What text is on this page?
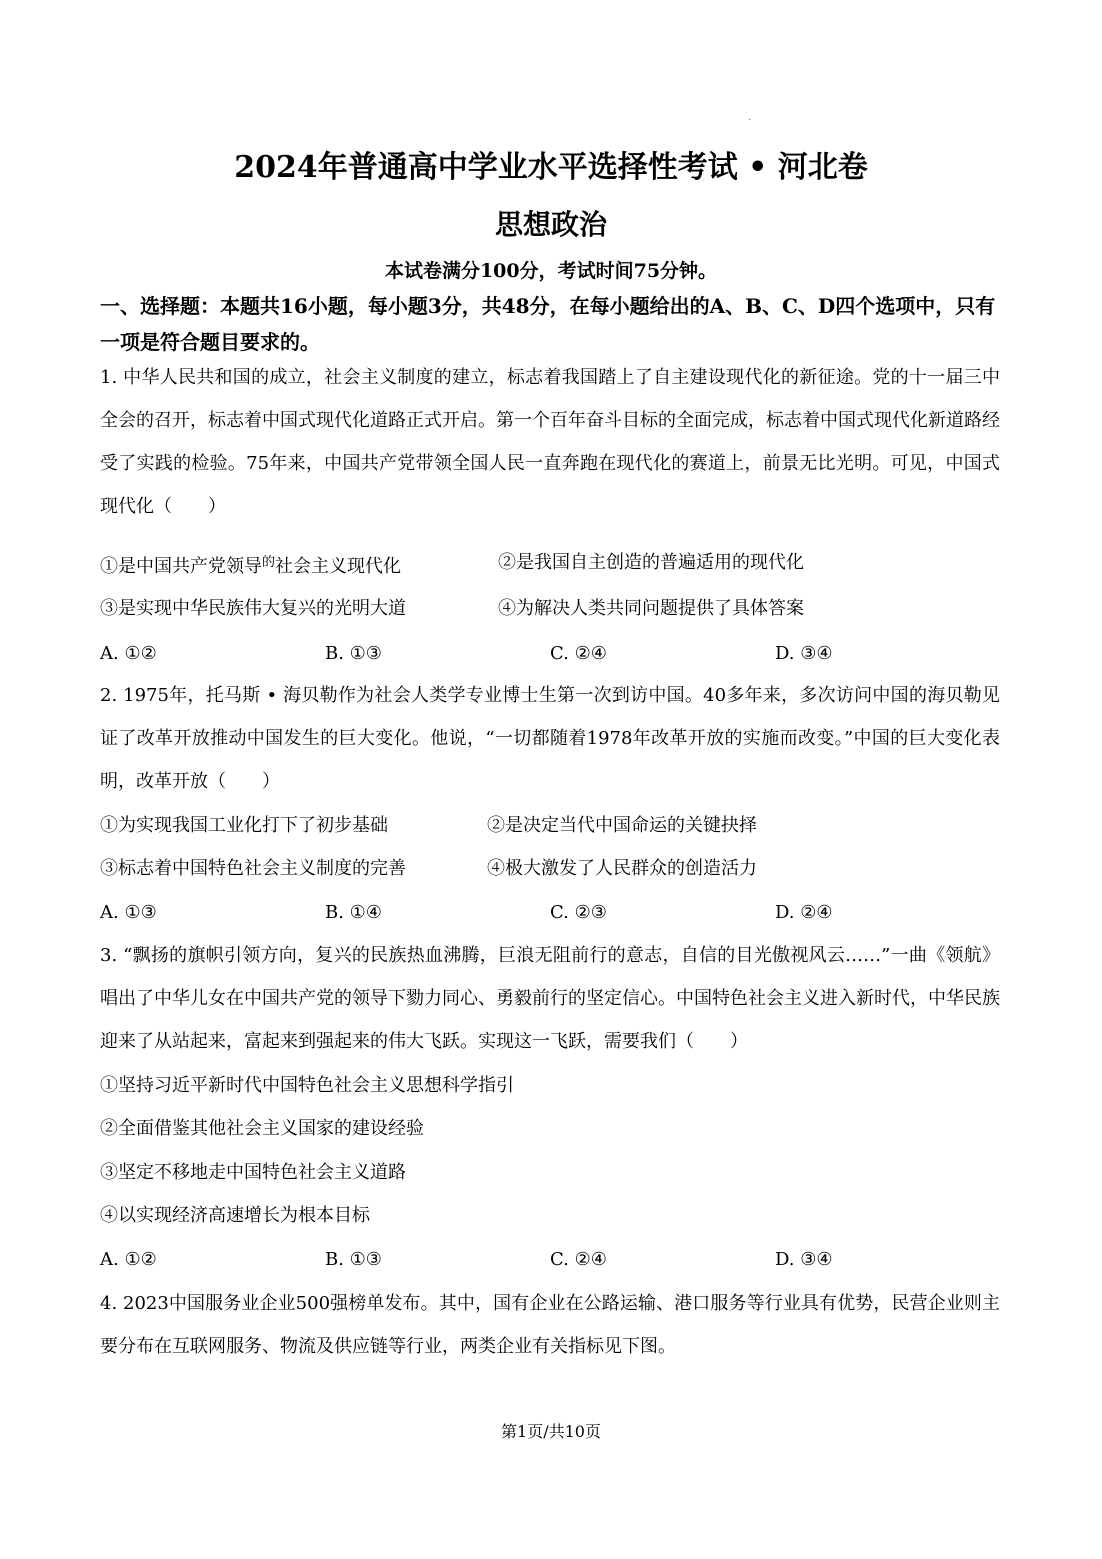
.
2024年普通高中学业水平选择性考试 • 河北卷
思想政治
本试卷满分100分，考试时间75分钟。
一、选择题：本题共16小题，每小题3分，共48分，在每小题给出的A、B、C、D四个选项中，只有一项是符合题目要求的。
1. 中华人民共和国的成立，社会主义制度的建立，标志着我国踏上了自主建设现代化的新征途。党的十一届三中全会的召开，标志着中国式现代化道路正式开启。第一个百年奋斗目标的全面完成，标志着中国式现代化新道路经受了实践的检验。75年来，中国共产党带领全国人民一直奔跑在现代化的赛道上，前景无比光明。可见，中国式现代化（　　）
①是中国共产党领导$^的$社会主义现代化	②是我国自主创造的普遍适用的现代化
③是实现中华民族伟大复兴的光明大道	④为解决人类共同问题提供了具体答案
A. ①②	B. ①③	C. ②④	D. ③④
2. 1975年，托马斯 • 海贝勒作为社会人类学专业博士生第一次到访中国。40多年来，多次访问中国的海贝勒见证了改革开放推动中国发生的巨大变化。他说，“一切都随着1978年改革开放的实施而改变。”中国的巨大变化表明，改革开放（　　）
①为实现我国工业化打下了初步基础	②是决定当代中国命运的关键抉择
③标志着中国特色社会主义制度的完善	④极大激发了人民群众的创造活力
A. ①③	B. ①④	C. ②③	D. ②④
3. “飘扬的旗帜引领方向，复兴的民族热血沸腾，巨浪无阻前行的意志，自信的目光傲视风云……”一曲《领航》唱出了中华儿女在中国共产党的领导下勠力同心、勇毅前行的坚定信心。中国特色社会主义进入新时代，中华民族迎来了从站起来，富起来到强起来的伟大飞跃。实现这一飞跃，需要我们（　　）
①坚持习近平新时代中国特色社会主义思想科学指引
②全面借鉴其他社会主义国家的建设经验
③坚定不移地走中国特色社会主义道路
④以实现经济高速增长为根本目标
A. ①②	B. ①③	C. ②④	D. ③④
4. 2023中国服务业企业500强榜单发布。其中，国有企业在公路运输、港口服务等行业具有优势，民营企业则主要分布在互联网服务、物流及供应链等行业，两类企业有关指标见下图。
第1页/共10页
